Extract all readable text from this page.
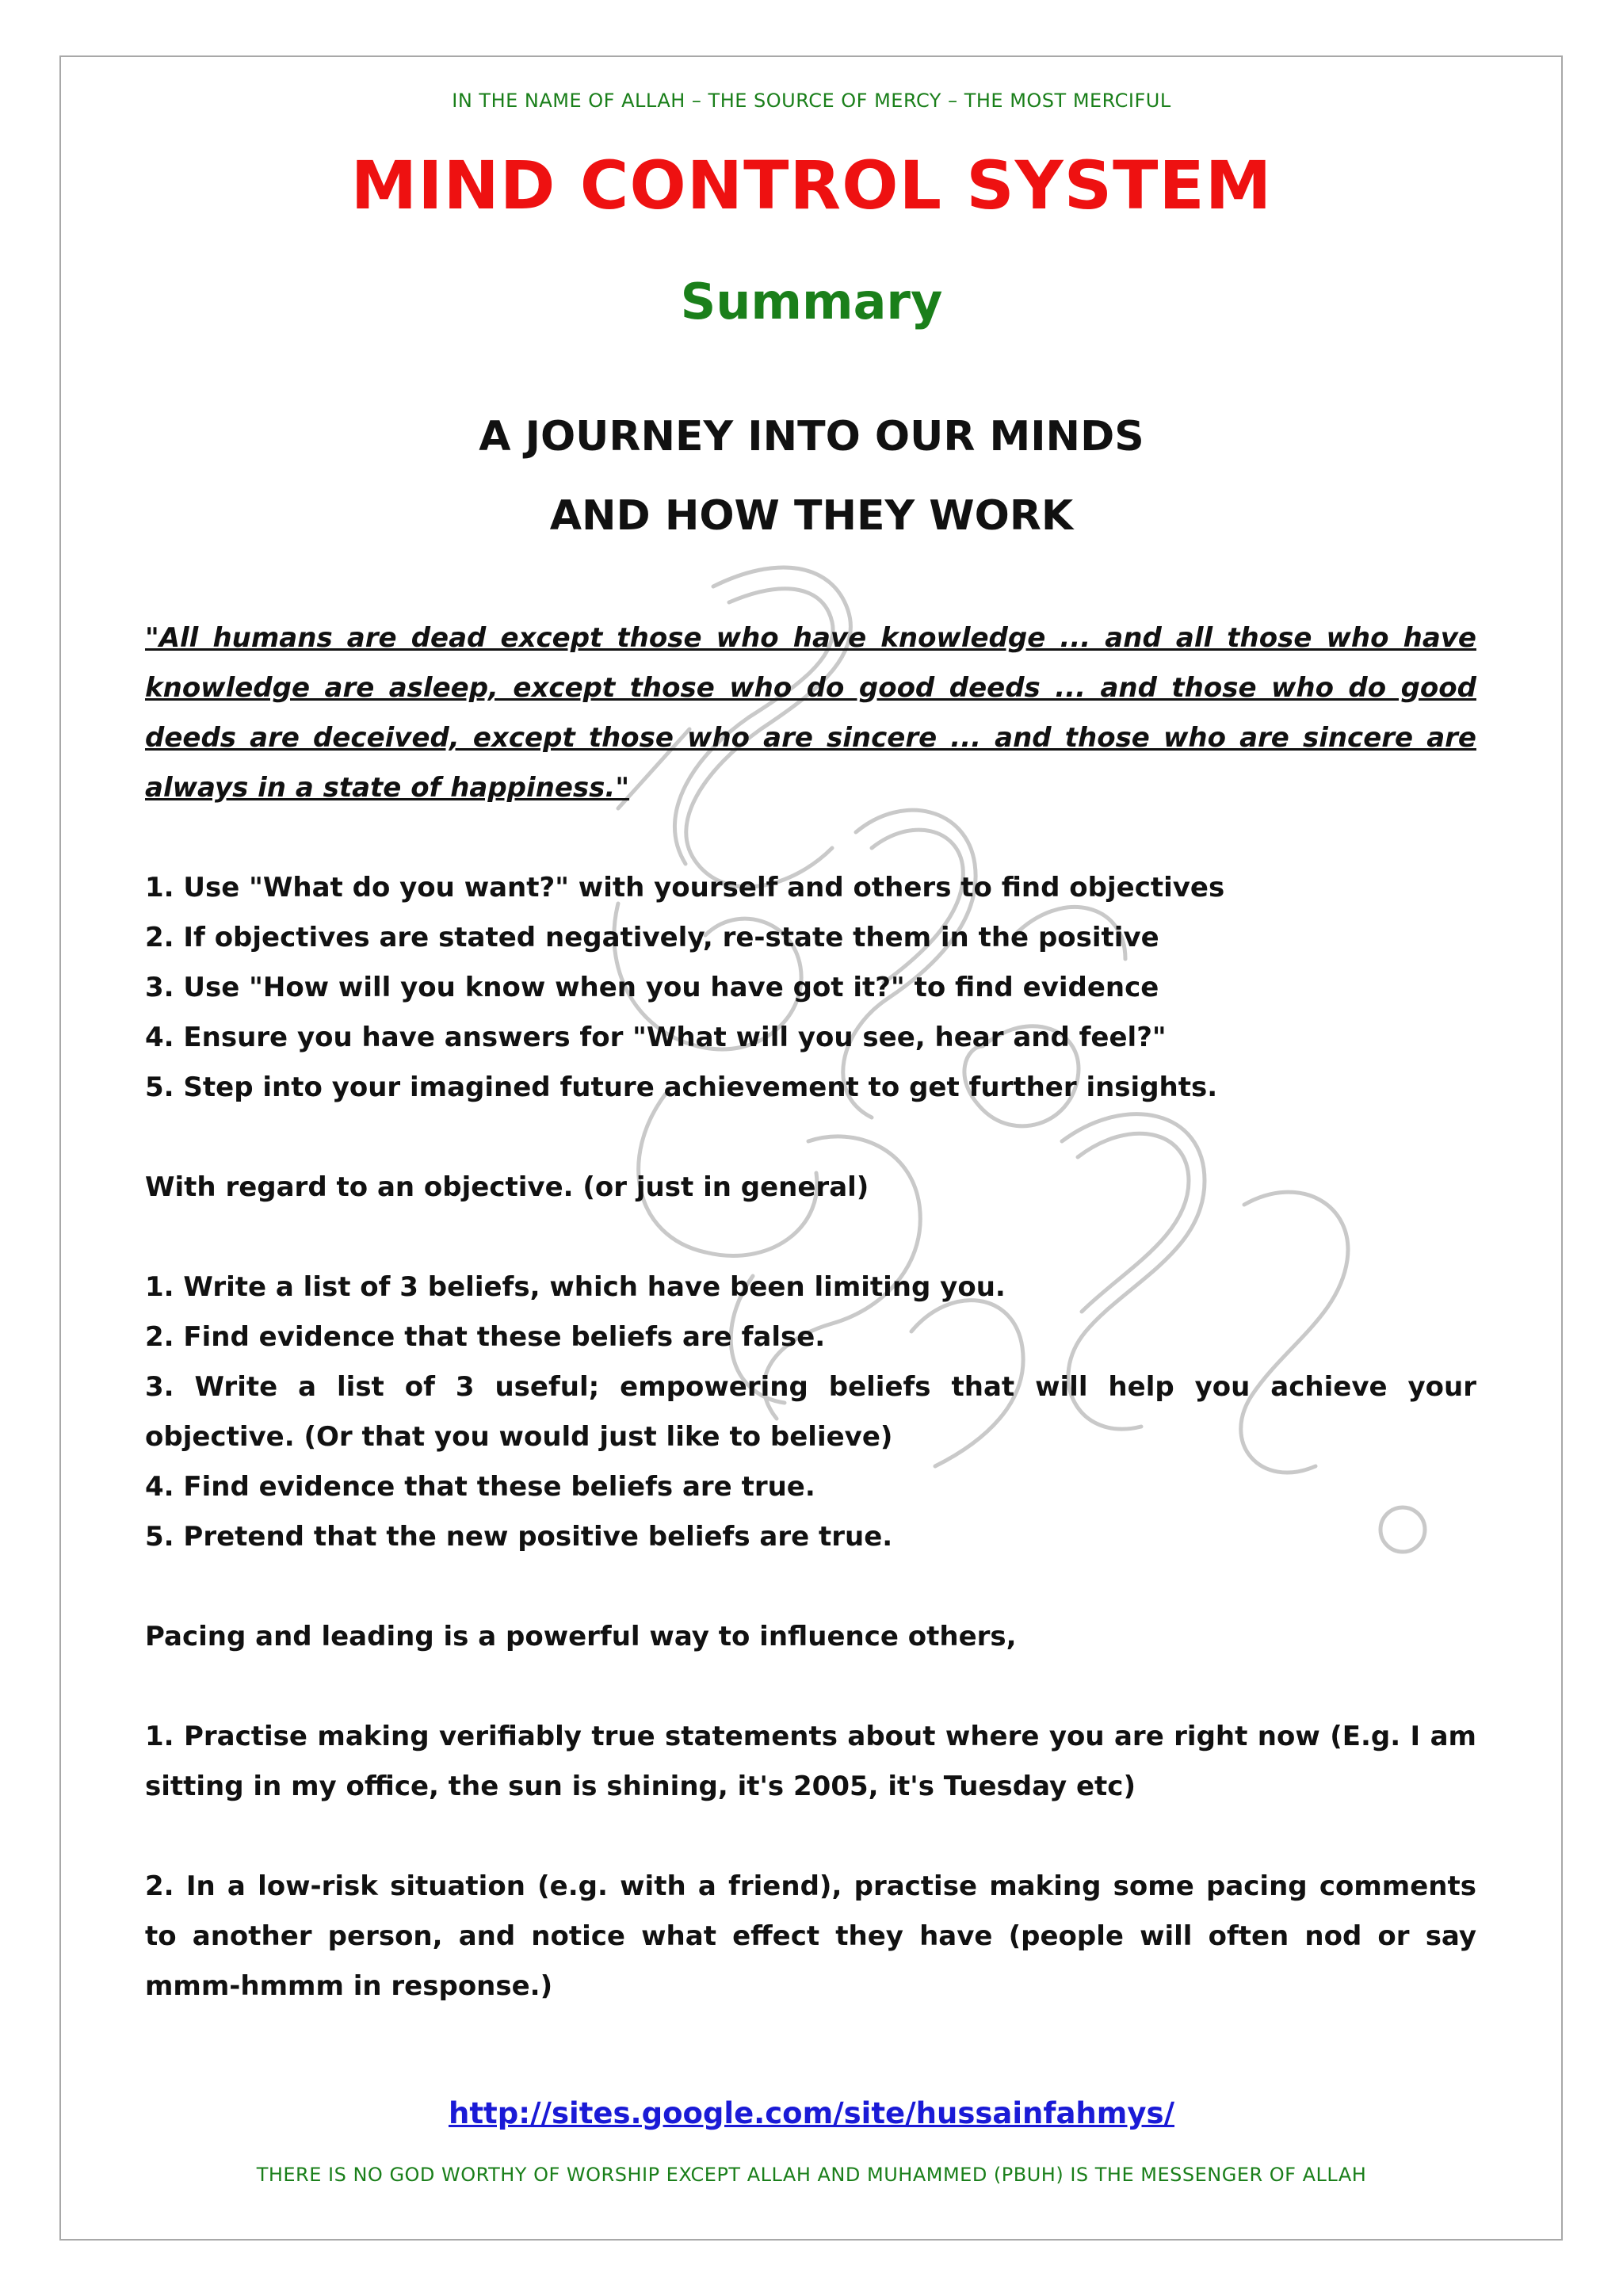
IN THE NAME OF ALLAH – THE SOURCE OF MERCY – THE MOST MERCIFUL
MIND CONTROL SYSTEM
Summary
A JOURNEY INTO OUR MINDS
AND HOW THEY WORK

"All humans are dead except those who have knowledge ... and all those who have knowledge are asleep, except those who do good deeds ... and those who do good deeds are deceived, except those who are sincere ... and those who are sincere are always in a state of happiness."

1. Use "What do you want?" with yourself and others to find objectives

2. If objectives are stated negatively, re-state them in the positive

3. Use "How will you know when you have got it?" to find evidence

4. Ensure you have answers for "What will you see, hear and feel?"

5. Step into your imagined future achievement to get further insights.

With regard to an objective. (or just in general)

1. Write a list of 3 beliefs, which have been limiting you.

2. Find evidence that these beliefs are false.

3. Write a list of 3 useful; empowering beliefs that will help you achieve your objective. (Or that you would just like to believe)

4. Find evidence that these beliefs are true.

5. Pretend that the new positive beliefs are true.

Pacing and leading is a powerful way to influence others,

1. Practise making verifiably true statements about where you are right now (E.g. I am sitting in my office, the sun is shining, it's 2005, it's Tuesday etc)

2. In a low-risk situation (e.g. with a friend), practise making some pacing comments to another person, and notice what effect they have (people will often nod or say mmm-hmmm in response.)

http://sites.google.com/site/hussainfahmys/
THERE IS NO GOD WORTHY OF WORSHIP EXCEPT ALLAH AND MUHAMMED (PBUH) IS THE MESSENGER OF ALLAH
